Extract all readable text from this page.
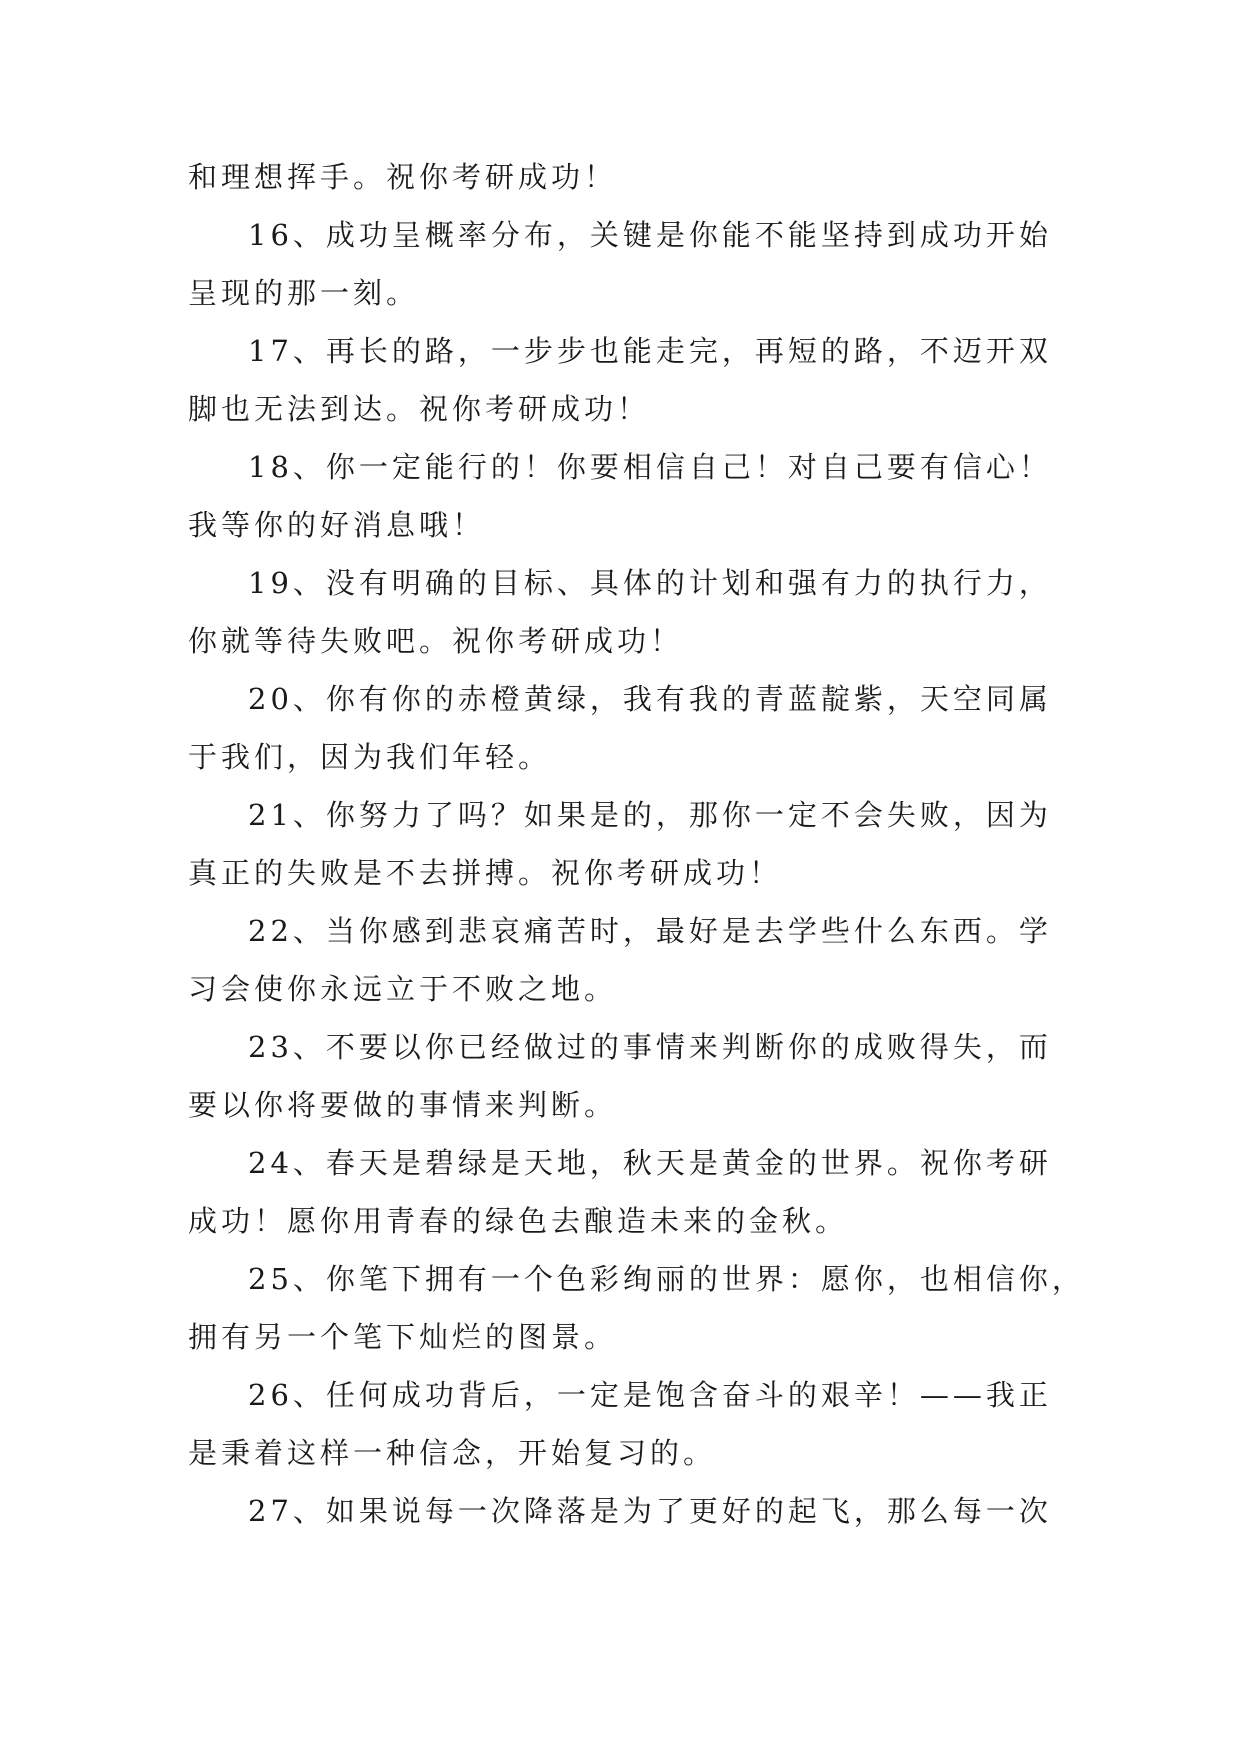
和理想挥手。祝你考研成功！

16、成功呈概率分布，关键是你能不能坚持到成功开始
呈现的那一刻。

17、再长的路，一步步也能走完，再短的路，不迈开双
脚也无法到达。祝你考研成功！

18、你一定能行的！你要相信自己！对自己要有信心！
我等你的好消息哦！

19、没有明确的目标、具体的计划和强有力的执行力，
你就等待失败吧。祝你考研成功！

20、你有你的赤橙黄绿，我有我的青蓝靛紫，天空同属
于我们，因为我们年轻。

21、你努力了吗？如果是的，那你一定不会失败，因为
真正的失败是不去拼搏。祝你考研成功！

22、当你感到悲哀痛苦时，最好是去学些什么东西。学
习会使你永远立于不败之地。

23、不要以你已经做过的事情来判断你的成败得失，而
要以你将要做的事情来判断。

24、春天是碧绿是天地，秋天是黄金的世界。祝你考研
成功！愿你用青春的绿色去酿造未来的金秋。

25、你笔下拥有一个色彩绚丽的世界：愿你，也相信你，
拥有另一个笔下灿烂的图景。

26、任何成功背后，一定是饱含奋斗的艰辛！——我正
是秉着这样一种信念，开始复习的。

27、如果说每一次降落是为了更好的起飞，那么每一次
